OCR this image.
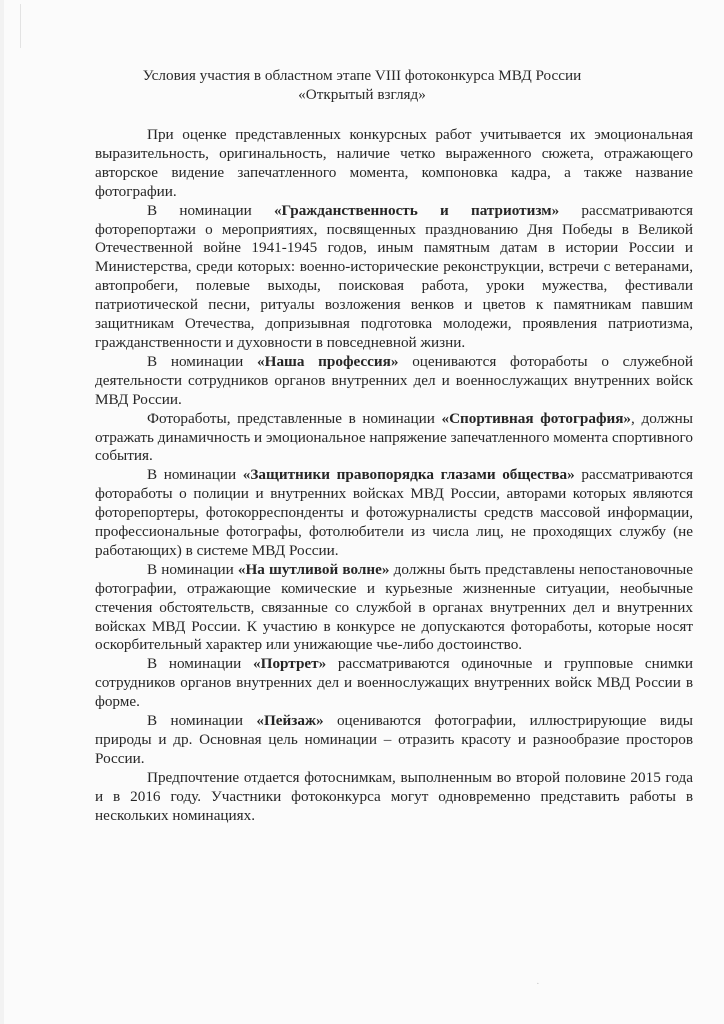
Условия участия в областном этапе VIII фотоконкурса МВД России
«Открытый взгляд»

При оценке представленных конкурсных работ учитывается их эмоциональная выразительность, оригинальность, наличие четко выраженного сюжета, отражающего авторское видение запечатленного момента, компоновка кадра, а также название фотографии.

В номинации «Гражданственность и патриотизм» рассматриваются фоторепортажи о мероприятиях, посвященных празднованию Дня Победы в Великой Отечественной войне 1941-1945 годов, иным памятным датам в истории России и Министерства, среди которых: военно-исторические реконструкции, встречи с ветеранами, автопробеги, полевые выходы, поисковая работа, уроки мужества, фестивали патриотической песни, ритуалы возложения венков и цветов к памятникам павшим защитникам Отечества, допризывная подготовка молодежи, проявления патриотизма, гражданственности и духовности в повседневной жизни.

В номинации «Наша профессия» оцениваются фотоработы о служебной деятельности сотрудников органов внутренних дел и военнослужащих внутренних войск МВД России.

Фотоработы, представленные в номинации «Спортивная фотография», должны отражать динамичность и эмоциональное напряжение запечатленного момента спортивного события.

В номинации «Защитники правопорядка глазами общества» рассматриваются фотоработы о полиции и внутренних войсках МВД России, авторами которых являются фоторепортеры, фотокорреспонденты и фотожурналисты средств массовой информации, профессиональные фотографы, фотолюбители из числа лиц, не проходящих службу (не работающих) в системе МВД России.

В номинации «На шутливой волне» должны быть представлены непостановочные фотографии, отражающие комические и курьезные жизненные ситуации, необычные стечения обстоятельств, связанные со службой в органах внутренних дел и внутренних войсках МВД России. К участию в конкурсе не допускаются фотоработы, которые носят оскорбительный характер или унижающие чье-либо достоинство.

В номинации «Портрет» рассматриваются одиночные и групповые снимки сотрудников органов внутренних дел и военнослужащих внутренних войск МВД России в форме.

В номинации «Пейзаж» оцениваются фотографии, иллюстрирующие виды природы и др. Основная цель номинации – отразить красоту и разнообразие просторов России.

Предпочтение отдается фотоснимкам, выполненным во второй половине 2015 года и в 2016 году. Участники фотоконкурса могут одновременно представить работы в нескольких номинациях.

·
